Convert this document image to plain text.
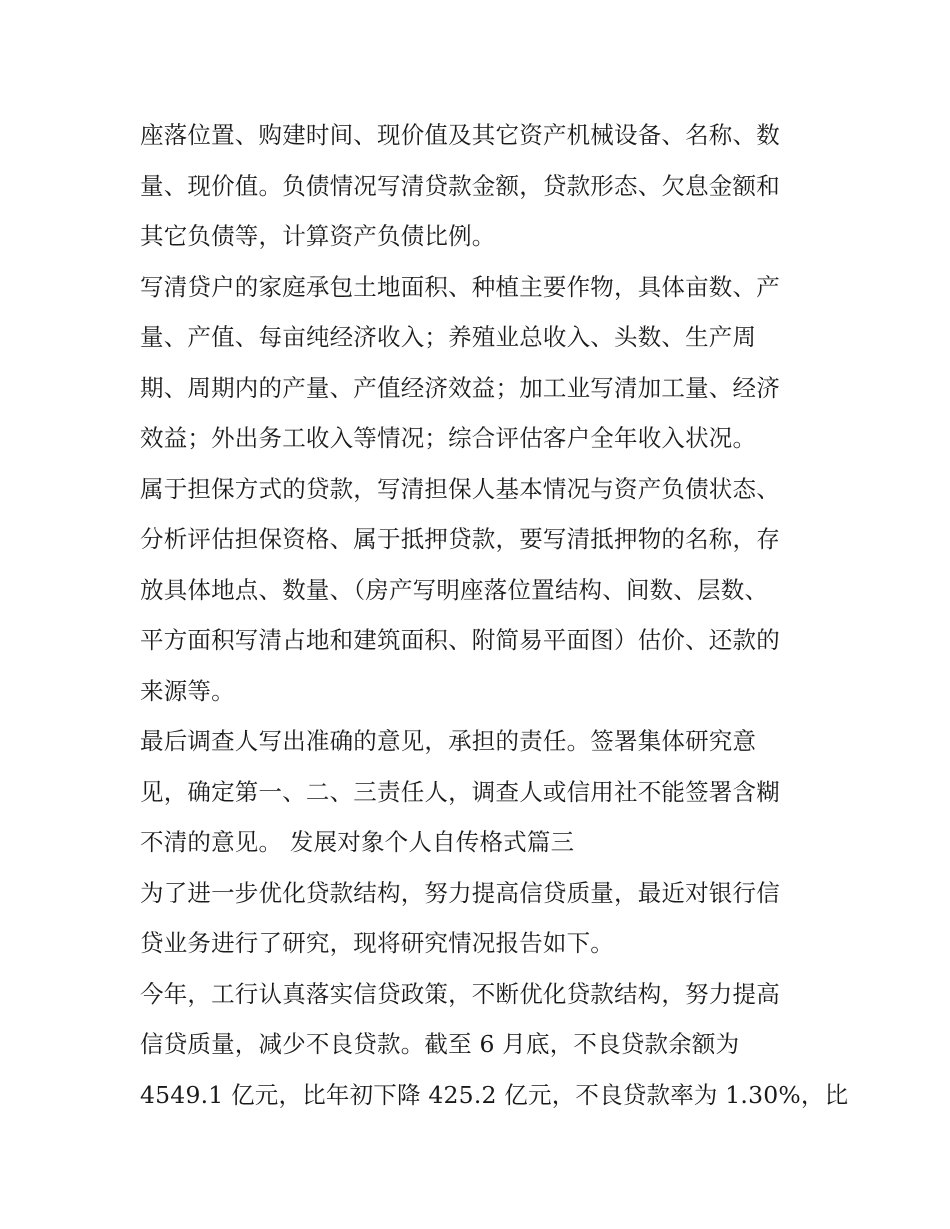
座落位置、购建时间、现价值及其它资产机械设备、名称、数
量、现价值。负债情况写清贷款金额，贷款形态、欠息金额和
其它负债等，计算资产负债比例。
写清贷户的家庭承包土地面积、种植主要作物，具体亩数、产
量、产值、每亩纯经济收入；养殖业总收入、头数、生产周
期、周期内的产量、产值经济效益；加工业写清加工量、经济
效益；外出务工收入等情况；综合评估客户全年收入状况。
属于担保方式的贷款，写清担保人基本情况与资产负债状态、
分析评估担保资格、属于抵押贷款，要写清抵押物的名称，存
放具体地点、数量、（房产写明座落位置结构、间数、层数、
平方面积写清占地和建筑面积、附简易平面图）估价、还款的
来源等。
最后调查人写出准确的意见，承担的责任。签署集体研究意
见，确定第一、二、三责任人，调查人或信用社不能签署含糊
不清的意见。 发展对象个人自传格式篇三
为了进一步优化贷款结构，努力提高信贷质量，最近对银行信
贷业务进行了研究，现将研究情况报告如下。
今年，工行认真落实信贷政策，不断优化贷款结构，努力提高
信贷质量，减少不良贷款。截至 6 月底，不良贷款余额为
4549.1 亿元，比年初下降 425.2 亿元，不良贷款率为 1.30%，比
